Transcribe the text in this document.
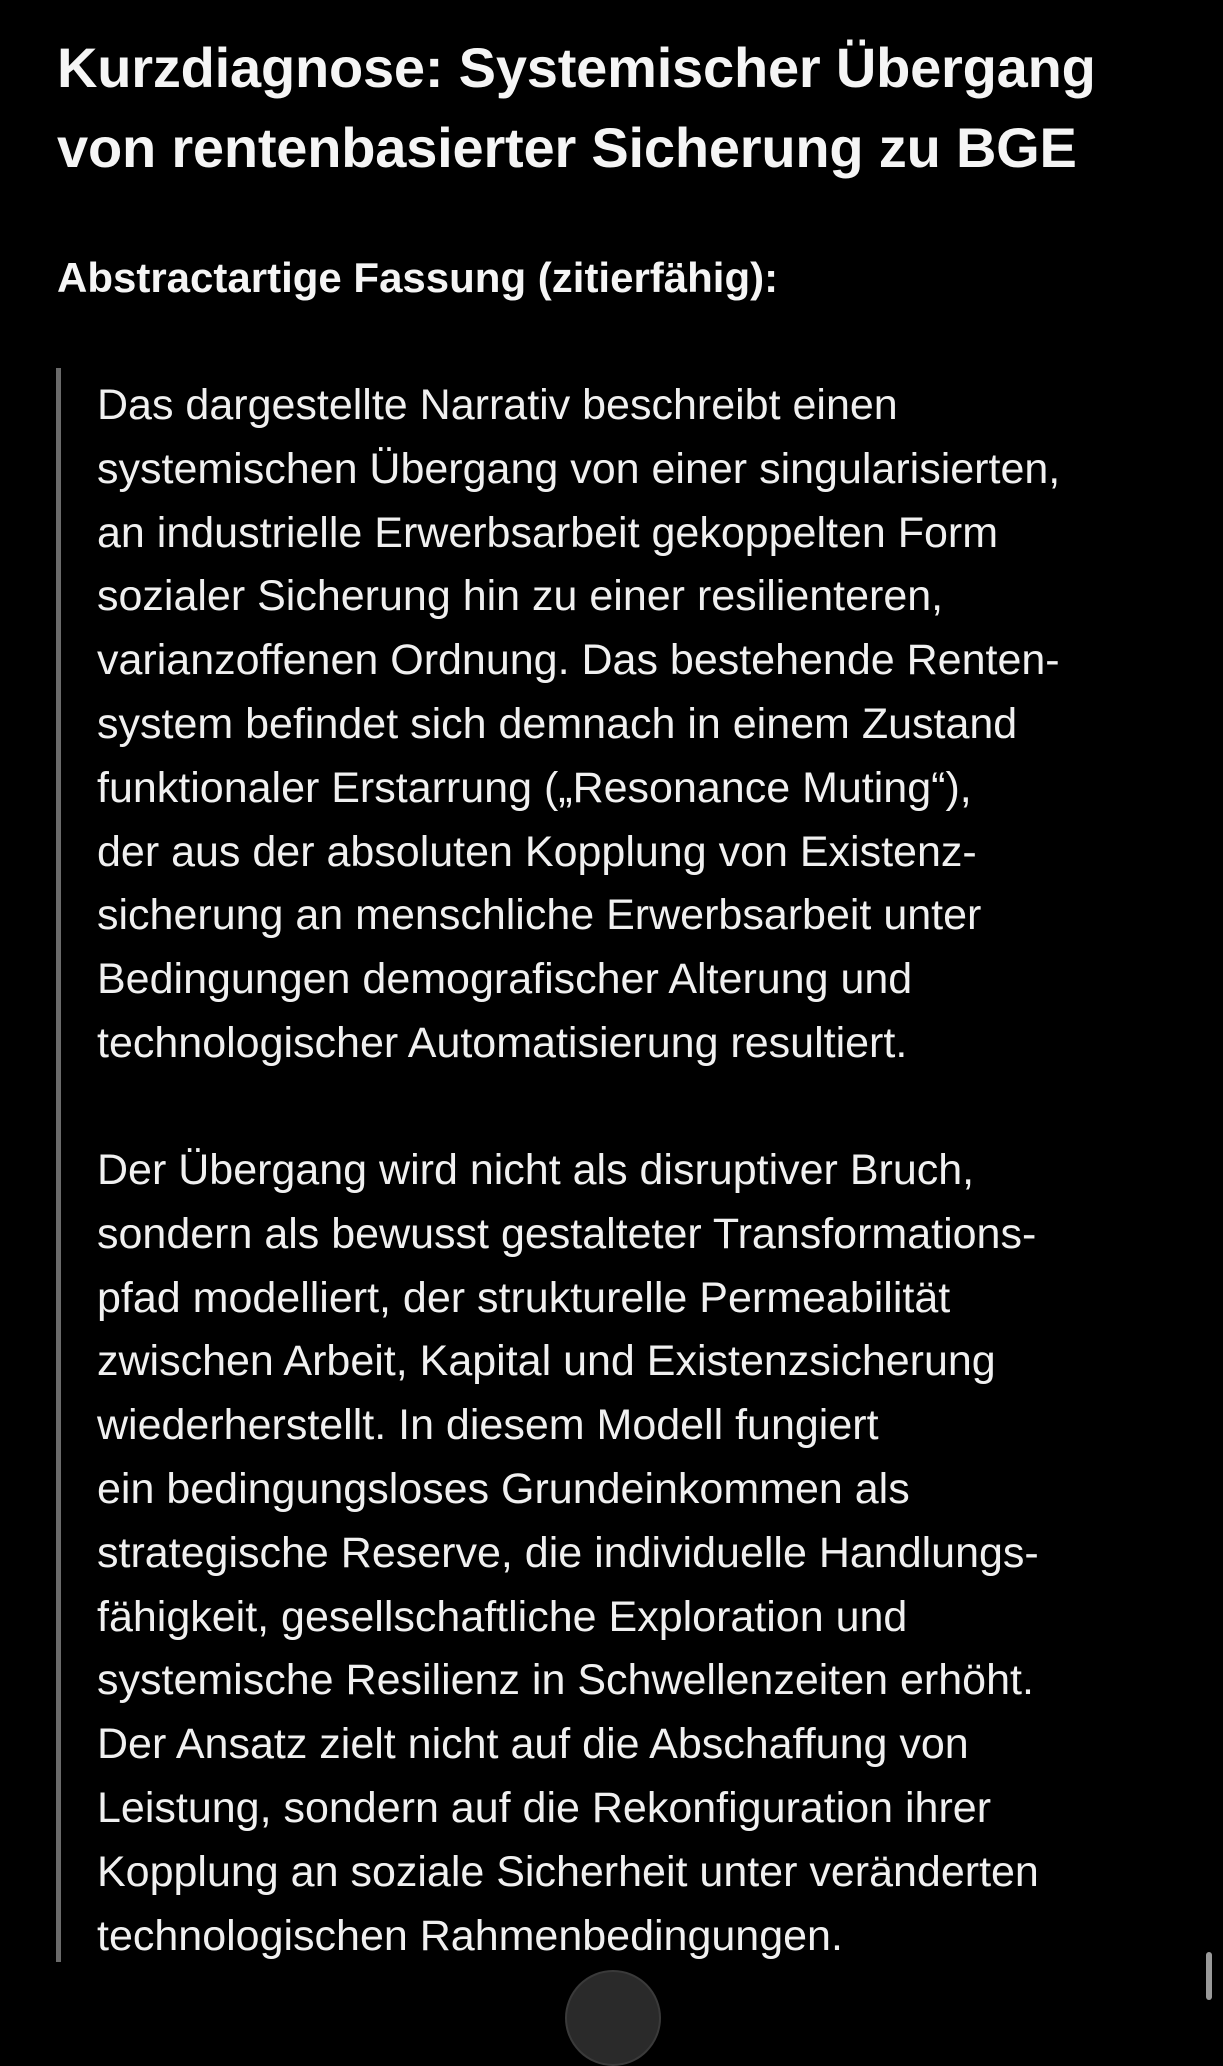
Kurzdiagnose: Systemischer Übergang
von rentenbasierter Sicherung zu BGE
Abstractartige Fassung (zitierfähig):

Das dargestellte Narrativ beschreibt einen
systemischen Übergang von einer singularisierten,
an industrielle Erwerbsarbeit gekoppelten Form
sozialer Sicherung hin zu einer resilienteren,
varianzoffenen Ordnung. Das bestehende Renten-
system befindet sich demnach in einem Zustand
funktionaler Erstarrung („Resonance Muting“),
der aus der absoluten Kopplung von Existenz-
sicherung an menschliche Erwerbsarbeit unter
Bedingungen demografischer Alterung und
technologischer Automatisierung resultiert.

Der Übergang wird nicht als disruptiver Bruch,
sondern als bewusst gestalteter Transformations-
pfad modelliert, der strukturelle Permeabilität
zwischen Arbeit, Kapital und Existenzsicherung
wiederherstellt. In diesem Modell fungiert
ein bedingungsloses Grundeinkommen als
strategische Reserve, die individuelle Handlungs-
fähigkeit, gesellschaftliche Exploration und
systemische Resilienz in Schwellenzeiten erhöht.
Der Ansatz zielt nicht auf die Abschaffung von
Leistung, sondern auf die Rekonfiguration ihrer
Kopplung an soziale Sicherheit unter veränderten
technologischen Rahmenbedingungen.
